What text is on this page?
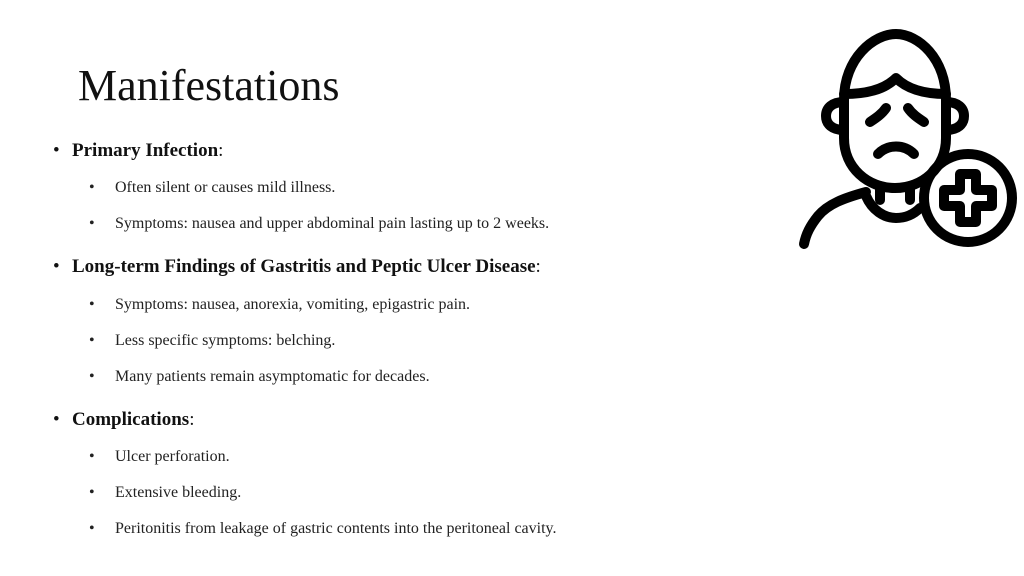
Manifestations
• Primary Infection:
• Often silent or causes mild illness.
• Symptoms: nausea and upper abdominal pain lasting up to 2 weeks.
• Long-term Findings of Gastritis and Peptic Ulcer Disease:
• Symptoms: nausea, anorexia, vomiting, epigastric pain.
• Less specific symptoms: belching.
• Many patients remain asymptomatic for decades.
• Complications:
• Ulcer perforation.
• Extensive bleeding.
• Peritonitis from leakage of gastric contents into the peritoneal cavity.
